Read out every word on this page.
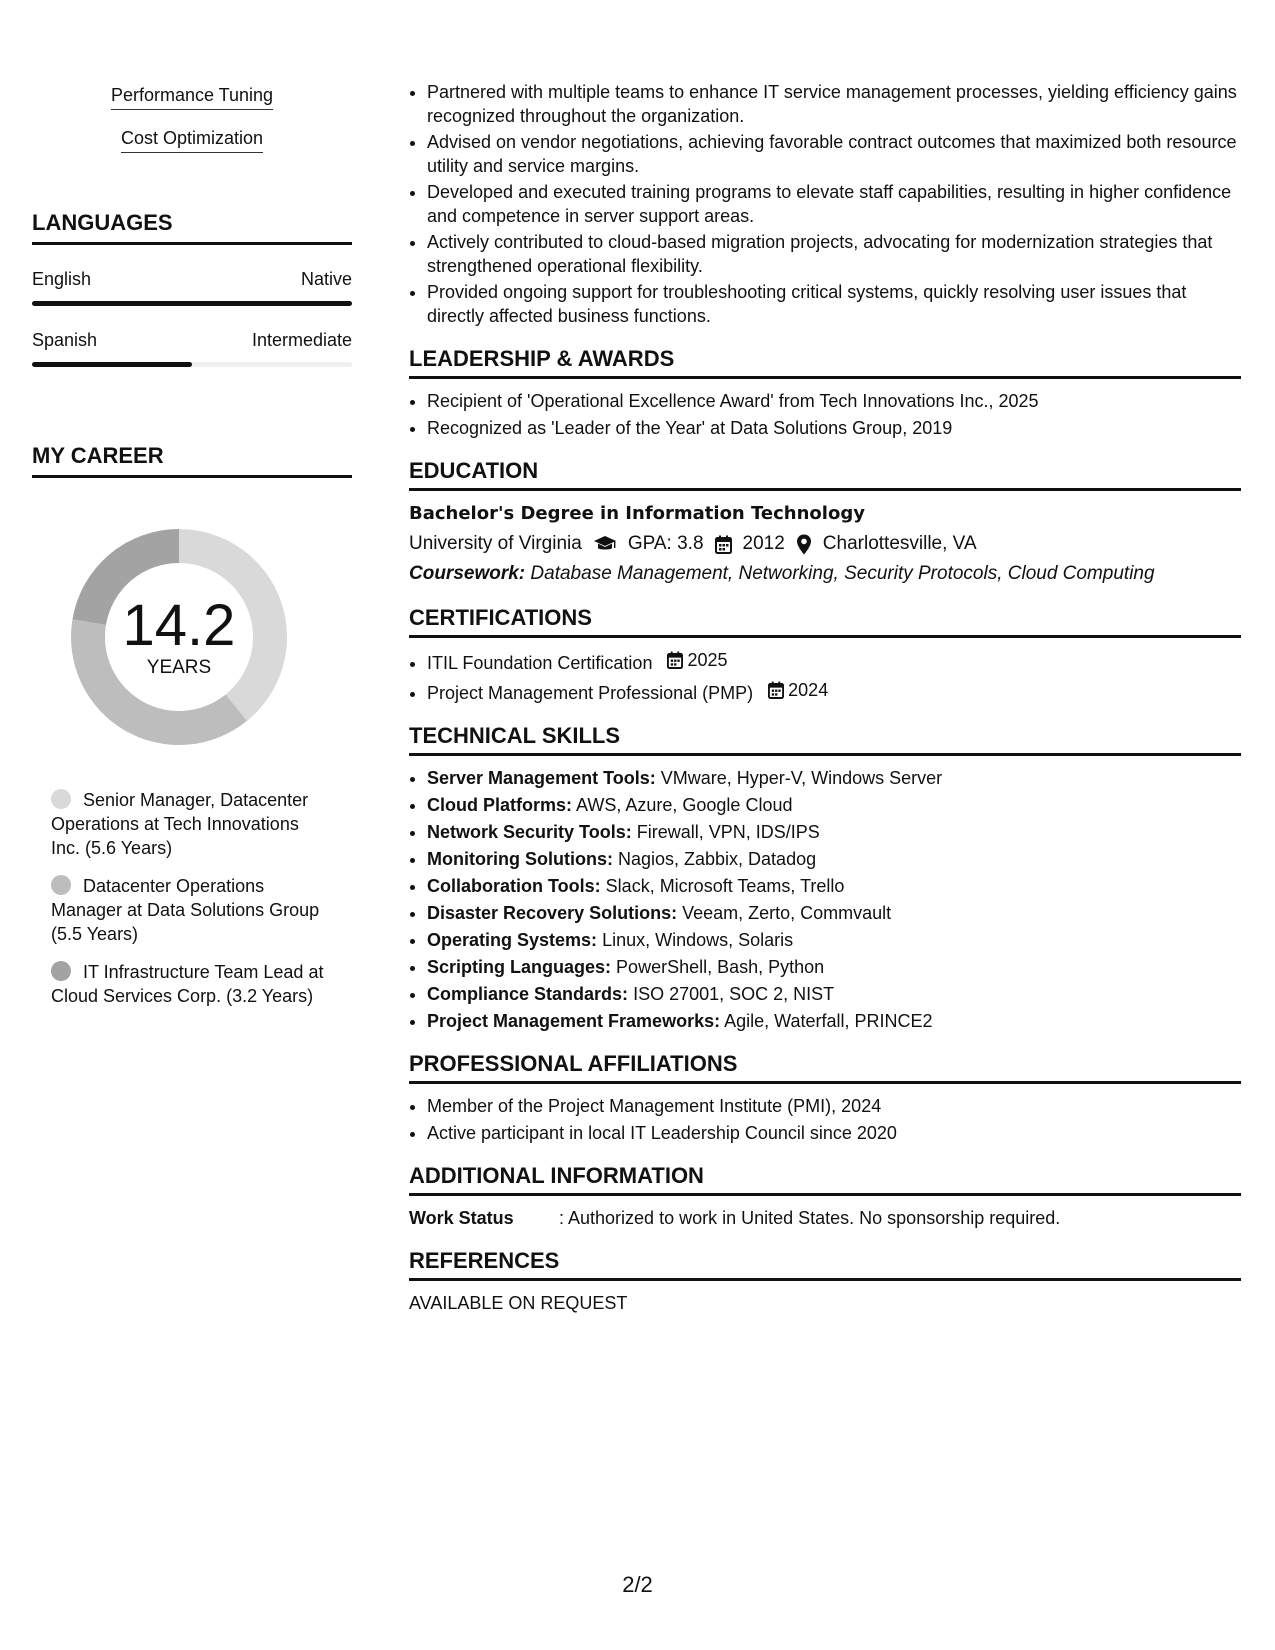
Performance Tuning
Cost Optimization
LANGUAGES
English	Native
Spanish	Intermediate
MY CAREER
14.2
YEARS
Senior Manager, Datacenter Operations at Tech Innovations Inc. (5.6 Years)
Datacenter Operations Manager at Data Solutions Group (5.5 Years)
IT Infrastructure Team Lead at Cloud Services Corp. (3.2 Years)
• Partnered with multiple teams to enhance IT service management processes, yielding efficiency gains recognized throughout the organization.
• Advised on vendor negotiations, achieving favorable contract outcomes that maximized both resource utility and service margins.
• Developed and executed training programs to elevate staff capabilities, resulting in higher confidence and competence in server support areas.
• Actively contributed to cloud-based migration projects, advocating for modernization strategies that strengthened operational flexibility.
• Provided ongoing support for troubleshooting critical systems, quickly resolving user issues that directly affected business functions.
LEADERSHIP & AWARDS
• Recipient of 'Operational Excellence Award' from Tech Innovations Inc., 2025
• Recognized as 'Leader of the Year' at Data Solutions Group, 2019
EDUCATION
Bachelor's Degree in Information Technology
University of Virginia GPA: 3.8 2012 Charlottesville, VA
Coursework: Database Management, Networking, Security Protocols, Cloud Computing
CERTIFICATIONS
• ITIL Foundation Certification 2025
• Project Management Professional (PMP) 2024
TECHNICAL SKILLS
• Server Management Tools: VMware, Hyper-V, Windows Server
• Cloud Platforms: AWS, Azure, Google Cloud
• Network Security Tools: Firewall, VPN, IDS/IPS
• Monitoring Solutions: Nagios, Zabbix, Datadog
• Collaboration Tools: Slack, Microsoft Teams, Trello
• Disaster Recovery Solutions: Veeam, Zerto, Commvault
• Operating Systems: Linux, Windows, Solaris
• Scripting Languages: PowerShell, Bash, Python
• Compliance Standards: ISO 27001, SOC 2, NIST
• Project Management Frameworks: Agile, Waterfall, PRINCE2
PROFESSIONAL AFFILIATIONS
• Member of the Project Management Institute (PMI), 2024
• Active participant in local IT Leadership Council since 2020
ADDITIONAL INFORMATION
Work Status	: Authorized to work in United States. No sponsorship required.
REFERENCES
AVAILABLE ON REQUEST
2/2
